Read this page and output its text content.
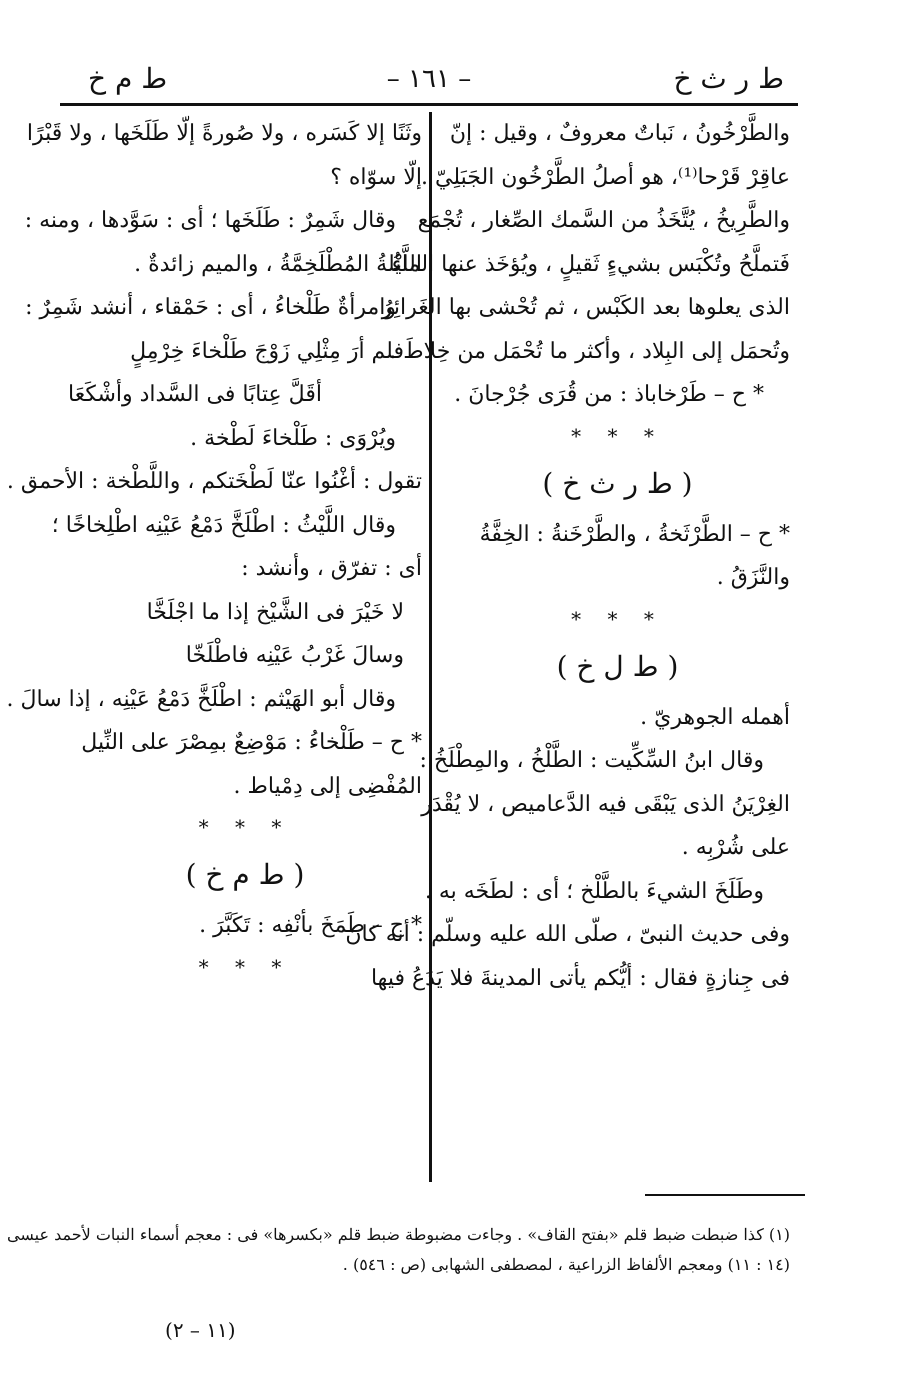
ط ر ث خ
– ١٦١ –
ط م خ
والطَّرْخُونُ ، نَباتٌ معروفٌ ، وقيل : إنّ
عاقِرْ قَرْحا⁽¹⁾، هو أصلُ الطَّرْخُون الجَبَلِيّ .
والطَّرِيخُ ، يُتَّخَذُ من السَّمك الصِّغار ، تُجْمَع
فَتملَّحُ وتُكْبَس بشيءٍ ثَقيلٍ ، ويُؤخَذ عنها الماءُ
الذى يعلوها بعد الكَبْس ، ثم تُحْشى بها الغَرائِرُ
وتُحمَل إلى البِلاد ، وأكثر ما تُحْمَل من خِلاطَ .
* ح – طَرْخاباذ : من قُرَى جُرْجانَ .
* * *
( ط ر ث خ )
* ح – الطَّرْثَخةُ ، والطَّرْخَنةُ : الخِفَّةُ
والنَّزَقُ .
* * *
( ط ل خ )
أهمله الجوهريّ .
وقال ابنُ السِّكِّيت : الطَّلْخُ ، والمِطْلَخُ :
الغِرْيَنُ الذى يَبْقَى فيه الدَّعاميص ، لا يُقْدَر
على شُرْبِه .
وطَلَخَ الشيءَ بالطَّلْخ ؛ أى : لطَخَه به .
وفى حديث النبىّ ، صلّى الله عليه وسلّم : أنه كان
فى جِنازةٍ فقال : أيُّكم يأتى المدينةَ فلا يَدَعُ فيها
وثَنًا إلا كَسَره ، ولا صُورةً إلّا طَلَخَها ، ولا قَبْرًا
إلّا سوّاه ؟
وقال شَمِرٌ : طَلَخَها ؛ أى : سَوَّدها ، ومنه :
اللَّيْلةُ المُطْلَخِمَّةُ ، والميم زائدةٌ .
وامرأةٌ طَلْخاءُ ، أى : حَمْقاء ، أنشد شَمِرٌ :
فلم أرَ مِثْلِي زَوْجَ طَلْخاءَ خِرْمِلٍ
أقَلَّ عِتابًا فى السَّداد وأشْكَعَا
ويُرْوَى : طَلْخاءَ لَطْخة .
تقول : أغْنُوا عنّا لَطْخَتكم ، واللَّطْخة : الأحمق .
وقال اللَّيْثُ : اطْلَخَّ دَمْعُ عَيْنِه اطْلِخاخًا ؛
أى : تفرّق ، وأنشد :
لا خَيْرَ فى الشَّيْخ إذا ما اجْلَخَّا
وسالَ غَرْبُ عَيْنِه فاطْلَخّا
وقال أبو الهَيْثم : اطْلَخَّ دَمْعُ عَيْنِه ، إذا سالَ .
* ح – طَلْخاءُ : مَوْضِعٌ بمِصْرَ على النِّيل
المُفْضِى إلى دِمْياط .
* * *
( ط م خ )
* ح – طَمَخَ بأنْفِه : تَكَبَّرَ .
* * *
(١) كذا ضبطت ضبط قلم «بفتح القاف» . وجاءت مضبوطة ضبط قلم «بكسرها» فى : معجم أسماء النبات لأحمد عيسى
(١٤ : ١١) ومعجم الألفاظ الزراعية ، لمصطفى الشهابى (ص : ٥٤٦) .
(١١ – ٢)
